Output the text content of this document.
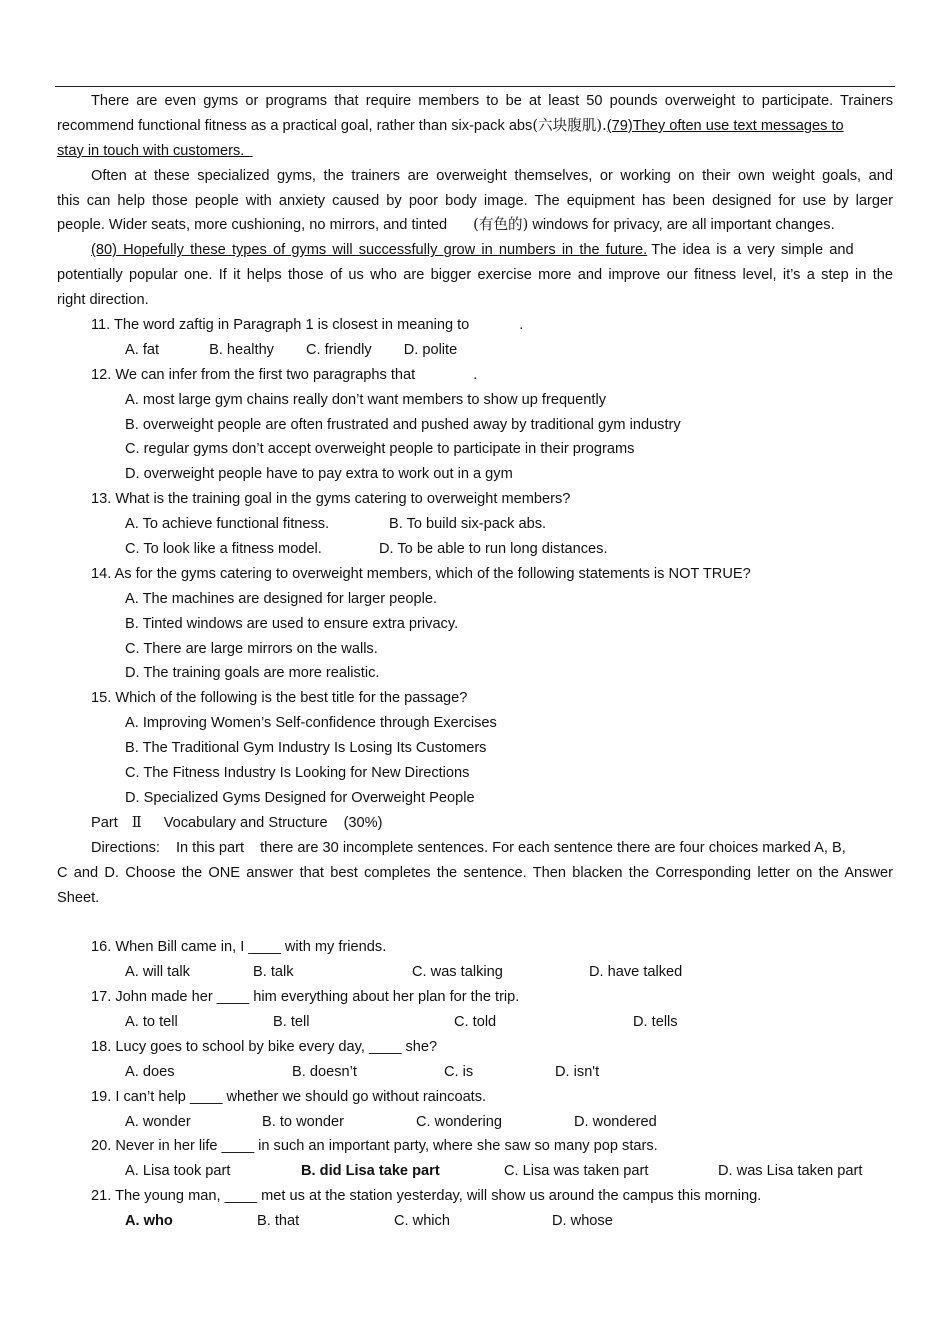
There are even gyms or programs that require members to be at least 50 pounds overweight to participate. Trainers
recommend functional fitness as a practical goal, rather than six-pack abs(六块腹肌).(79)They often use text messages to
stay in touch with customers.
Often at these specialized gyms, the trainers are overweight themselves, or working on their own weight goals, and
this can help those people with anxiety caused by poor body image. The equipment has been designed for use by larger
people. Wider seats, more cushioning, no mirrors, and tinted (有色的) windows for privacy, are all important changes.
(80) Hopefully these types of gyms will successfully grow in numbers in the future. The idea is a very simple and
potentially popular one. If it helps those of us who are bigger exercise more and improve our fitness level, it’s a step in the
right direction.
11. The word zaftig in Paragraph 1 is closest in meaning to	.
A. fat	B. healthy C. friendly D. polite
12. We can infer from the first two paragraphs that	.
A. most large gym chains really don’t want members to show up frequently
B. overweight people are often frustrated and pushed away by traditional gym industry
C. regular gyms don’t accept overweight people to participate in their programs
D. overweight people have to pay extra to work out in a gym
13. What is the training goal in the gyms catering to overweight members?
A. To achieve functional fitness.	B. To build six-pack abs.
C. To look like a fitness model.	D. To be able to run long distances.
14. As for the gyms catering to overweight members, which of the following statements is NOT TRUE?
A. The machines are designed for larger people.
B. Tinted windows are used to ensure extra privacy.
C. There are large mirrors on the walls.
D. The training goals are more realistic.
15. Which of the following is the best title for the passage?
A. Improving Women’s Self-confidence through Exercises
B. The Traditional Gym Industry Is Losing Its Customers
C. The Fitness Industry Is Looking for New Directions
D. Specialized Gyms Designed for Overweight People
Part Ⅱ Vocabulary and Structure (30%)
Directions: In this part there are 30 incomplete sentences. For each sentence there are four choices marked A, B,
C and D. Choose the ONE answer that best completes the sentence. Then blacken the Corresponding letter on the Answer
Sheet.
16. When Bill came in, I ____ with my friends.
A. will talk	B. talk	C. was talking	D. have talked
17. John made her ____ him everything about her plan for the trip.
A. to tell	B. tell	C. told	D. tells
18. Lucy goes to school by bike every day, ____ she?
A. does	B. doesn’t	C. is	D. isn't
19. I can’t help ____ whether we should go without raincoats.
A. wonder	B. to wonder	C. wondering	D. wondered
20. Never in her life ____ in such an important party, where she saw so many pop stars.
A. Lisa took part	B. did Lisa take part	C. Lisa was taken part	D. was Lisa taken part
21. The young man, ____ met us at the station yesterday, will show us around the campus this morning.
A. who	B. that	C. which	D. whose
